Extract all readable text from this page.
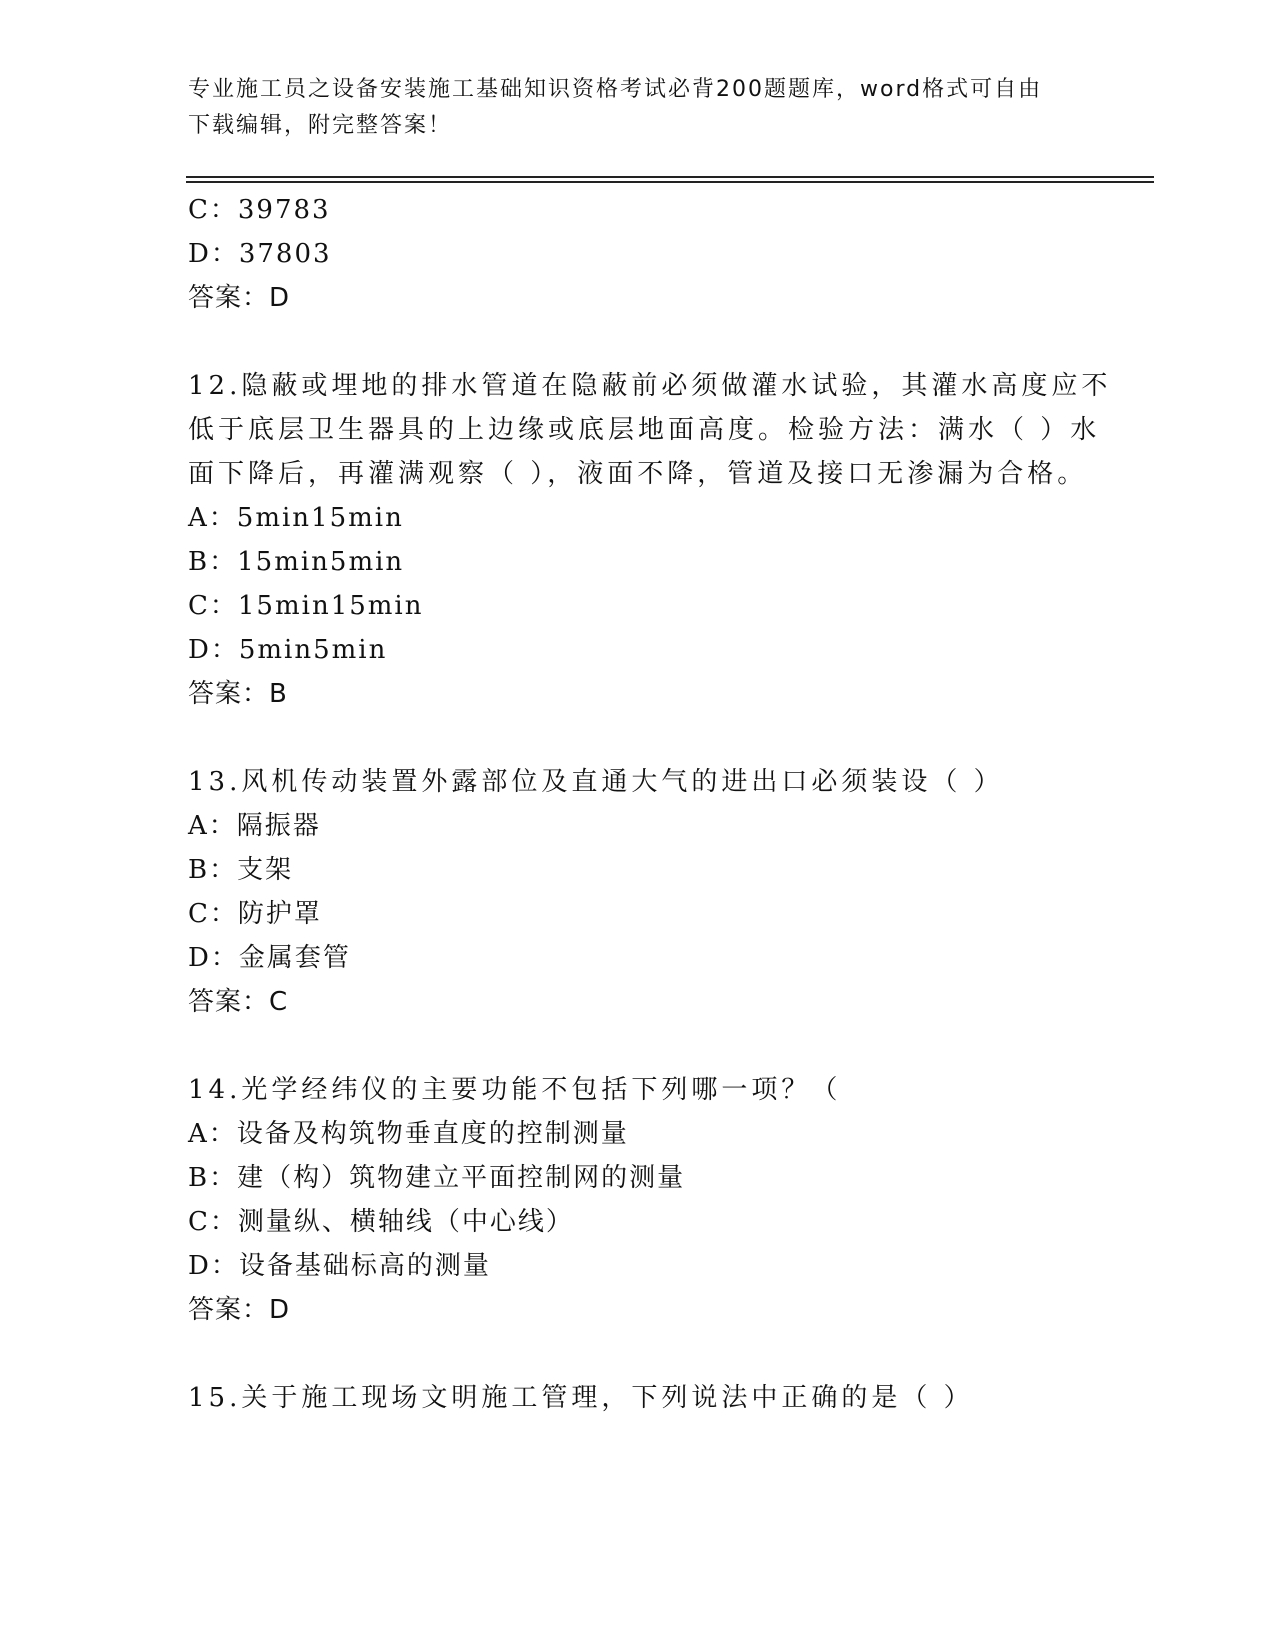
专业施工员之设备安装施工基础知识资格考试必背200题题库，word格式可自由
下载编辑，附完整答案！
C：39783
D：37803
答案：D
12.隐蔽或埋地的排水管道在隐蔽前必须做灌水试验，其灌水高度应不
低于底层卫生器具的上边缘或底层地面高度。检验方法：满水（ ）水
面下降后，再灌满观察（ ），液面不降，管道及接口无渗漏为合格。
A：5min15min
B：15min5min
C：15min15min
D：5min5min
答案：B
13.风机传动装置外露部位及直通大气的进出口必须装设（ ）
A：隔振器
B：支架
C：防护罩
D：金属套管
答案：C
14.光学经纬仪的主要功能不包括下列哪一项？（
A：设备及构筑物垂直度的控制测量
B：建（构）筑物建立平面控制网的测量
C：测量纵、横轴线（中心线）
D：设备基础标高的测量
答案：D
15.关于施工现场文明施工管理，下列说法中正确的是（ ）
